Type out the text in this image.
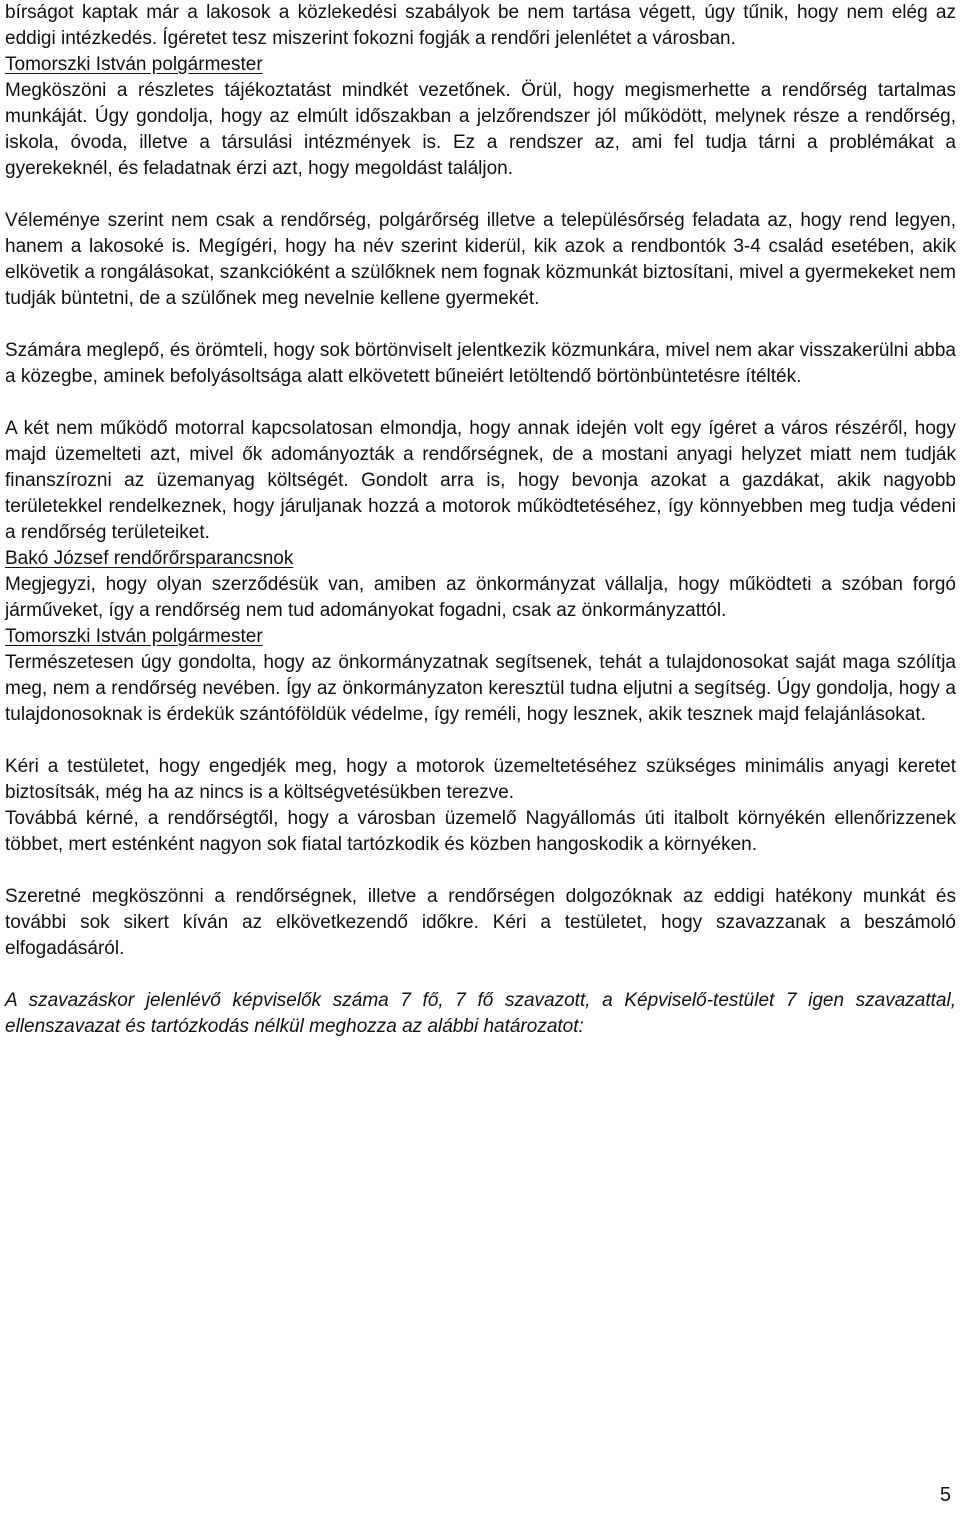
bírságot kaptak már a lakosok a közlekedési szabályok be nem tartása végett, úgy tűnik, hogy nem elég az eddigi intézkedés. Ígéretet tesz miszerint fokozni fogják a rendőri jelenlétet a városban.

Tomorszki István polgármester

Megköszöni a részletes tájékoztatást mindkét vezetőnek. Örül, hogy megismerhette a rendőrség tartalmas munkáját. Úgy gondolja, hogy az elmúlt időszakban a jelzőrendszer jól működött, melynek része a rendőrség, iskola, óvoda, illetve a társulási intézmények is. Ez a rendszer az, ami fel tudja tárni a problémákat a gyerekeknél, és feladatnak érzi azt, hogy megoldást találjon.

Véleménye szerint nem csak a rendőrség, polgárőrség illetve a településőrség feladata az, hogy rend legyen, hanem a lakosoké is. Megígéri, hogy ha név szerint kiderül, kik azok a rendbontók 3-4 család esetében, akik elkövetik a rongálásokat, szankcióként a szülőknek nem fognak közmunkát biztosítani, mivel a gyermekeket nem tudják büntetni, de a szülőnek meg nevelnie kellene gyermekét.

Számára meglepő, és örömteli, hogy sok börtönviselt jelentkezik közmunkára, mivel nem akar visszakerülni abba a közegbe, aminek befolyásoltsága alatt elkövetett bűneiért letöltendő börtönbüntetésre ítélték.

A két nem működő motorral kapcsolatosan elmondja, hogy annak idején volt egy ígéret a város részéről, hogy majd üzemelteti azt, mivel ők adományozták a rendőrségnek, de a mostani anyagi helyzet miatt nem tudják finanszírozni az üzemanyag költségét. Gondolt arra is, hogy bevonja azokat a gazdákat, akik nagyobb területekkel rendelkeznek, hogy járuljanak hozzá a motorok működtetéséhez, így könnyebben meg tudja védeni a rendőrség területeiket.

Bakó József rendőrőrsparancsnok

Megjegyzi, hogy olyan szerződésük van, amiben az önkormányzat vállalja, hogy működteti a szóban forgó járműveket, így a rendőrség nem tud adományokat fogadni, csak az önkormányzattól.

Tomorszki István polgármester

Természetesen úgy gondolta, hogy az önkormányzatnak segítsenek, tehát a tulajdonosokat saját maga szólítja meg, nem a rendőrség nevében. Így az önkormányzaton keresztül tudna eljutni a segítség. Úgy gondolja, hogy a tulajdonosoknak is érdekük szántóföldük védelme, így reméli, hogy lesznek, akik tesznek majd felajánlásokat.

Kéri a testületet, hogy engedjék meg, hogy a motorok üzemeltetéséhez szükséges minimális anyagi keretet biztosítsák, még ha az nincs is a költségvetésükben terezve.

Továbbá kérné, a rendőrségtől, hogy a városban üzemelő Nagyállomás úti italbolt környékén ellenőrizzenek többet, mert esténként nagyon sok fiatal tartózkodik és közben hangoskodik a környéken.

Szeretné megköszönni a rendőrségnek, illetve a rendőrségen dolgozóknak az eddigi hatékony munkát és további sok sikert kíván az elkövetkezendő időkre. Kéri a testületet, hogy szavazzanak a beszámoló elfogadásáról.

A szavazáskor jelenlévő képviselők száma 7 fő, 7 fő szavazott, a Képviselő-testület 7 igen szavazattal, ellenszavazat és tartózkodás nélkül meghozza az alábbi határozatot:

5
